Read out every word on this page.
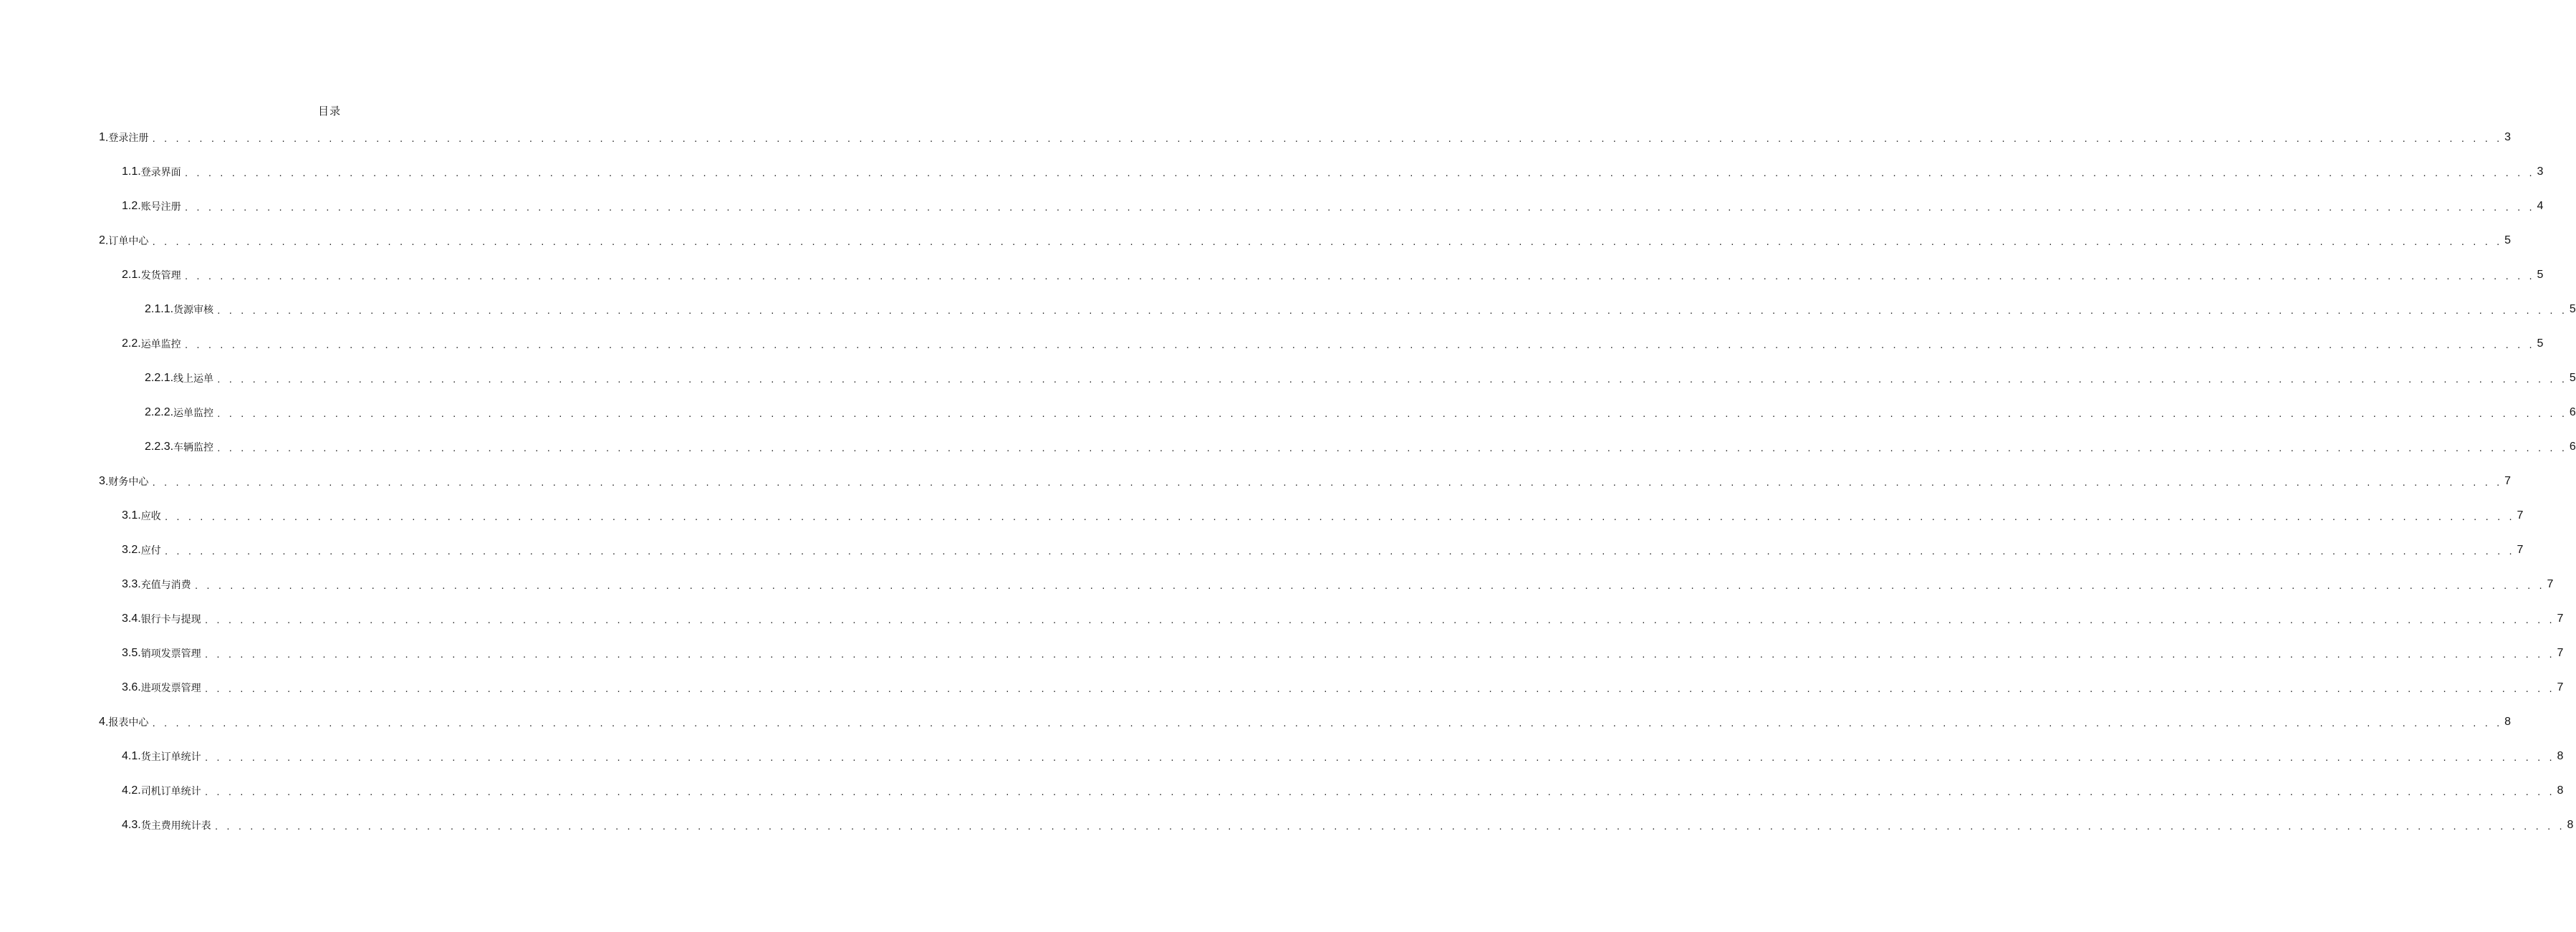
目录
1 .登录注册 . . . . . . . . . . . . . . . . . . . . . . . . . . . . . . . . . . . . . . . . . . . . . . . . . . . . . . . . . . . . . . . . . . . . . . . . . . . . . . . . . . . . . . . . . . . . . . . . . . . . . . . . . . . . . . . . . . . . . . . . . . . . . . . . . . . . . . . . . . . . . . . . . . . . . . . . . . . . . . . . . . . . . . . . . . . . . . . . . . . . . . . . . . . . . . . . . . . . . . . . 3
1.1. 登录界面 . . . . . . . . . . . . . . . . . . . . . . . . . . . . . . . . . . . . . . . . . . . . . . . . . . . . . . . . . . . . . . . . . . . . . . . . . . . . . . . . . . . . . . . . . . . . . . . . . . . . . . . . . . . . . . . . . . . . . . . . . . . . . . . . . . . . . . . . . . . . . . . . . . . . . . . . . . . . . . . . . . . . . . . . . . . . . . . . . . . . . . . . . . . . . . . . . . . . . . . . 3
1.2. 账号注册 . . . . . . . . . . . . . . . . . . . . . . . . . . . . . . . . . . . . . . . . . . . . . . . . . . . . . . . . . . . . . . . . . . . . . . . . . . . . . . . . . . . . . . . . . . . . . . . . . . . . . . . . . . . . . . . . . . . . . . . . . . . . . . . . . . . . . . . . . . . . . . . . . . . . . . . . . . . . . . . . . . . . . . . . . . . . . . . . . . . . . . . . . . . . . . . . . . . . . . . . 4
2 .订单中心 . . . . . . . . . . . . . . . . . . . . . . . . . . . . . . . . . . . . . . . . . . . . . . . . . . . . . . . . . . . . . . . . . . . . . . . . . . . . . . . . . . . . . . . . . . . . . . . . . . . . . . . . . . . . . . . . . . . . . . . . . . . . . . . . . . . . . . . . . . . . . . . . . . . . . . . . . . . . . . . . . . . . . . . . . . . . . . . . . . . . . . . . . . . . . . . . . . . . . . . . 5
2.1. 发货管理 . . . . . . . . . . . . . . . . . . . . . . . . . . . . . . . . . . . . . . . . . . . . . . . . . . . . . . . . . . . . . . . . . . . . . . . . . . . . . . . . . . . . . . . . . . . . . . . . . . . . . . . . . . . . . . . . . . . . . . . . . . . . . . . . . . . . . . . . . . . . . . . . . . . . . . . . . . . . . . . . . . . . . . . . . . . . . . . . . . . . . . . . . . . . . . . . . . . . . . . . 5
2.1.1. 货源审核 . . . . . . . . . . . . . . . . . . . . . . . . . . . . . . . . . . . . . . . . . . . . . . . . . . . . . . . . . . . . . . . . . . . . . . . . . . . . . . . . . . . . . . . . . . . . . . . . . . . . . . . . . . . . . . . . . . . . . . . . . . . . . . . . . . . . . . . . . . . . . . . . . . . . . . . . . . . . . . . . . . . . . . . . . . . . . . . . . . . . . . . . . . . . . . . . . . . . . . . . 5
2.2. 运单监控 . . . . . . . . . . . . . . . . . . . . . . . . . . . . . . . . . . . . . . . . . . . . . . . . . . . . . . . . . . . . . . . . . . . . . . . . . . . . . . . . . . . . . . . . . . . . . . . . . . . . . . . . . . . . . . . . . . . . . . . . . . . . . . . . . . . . . . . . . . . . . . . . . . . . . . . . . . . . . . . . . . . . . . . . . . . . . . . . . . . . . . . . . . . . . . . . . . . . . . . . 5
2.2.1. 线上运单 . . . . . . . . . . . . . . . . . . . . . . . . . . . . . . . . . . . . . . . . . . . . . . . . . . . . . . . . . . . . . . . . . . . . . . . . . . . . . . . . . . . . . . . . . . . . . . . . . . . . . . . . . . . . . . . . . . . . . . . . . . . . . . . . . . . . . . . . . . . . . . . . . . . . . . . . . . . . . . . . . . . . . . . . . . . . . . . . . . . . . . . . . . . . . . . . . . . . . . . . 5
2.2.2. 运单监控 . . . . . . . . . . . . . . . . . . . . . . . . . . . . . . . . . . . . . . . . . . . . . . . . . . . . . . . . . . . . . . . . . . . . . . . . . . . . . . . . . . . . . . . . . . . . . . . . . . . . . . . . . . . . . . . . . . . . . . . . . . . . . . . . . . . . . . . . . . . . . . . . . . . . . . . . . . . . . . . . . . . . . . . . . . . . . . . . . . . . . . . . . . . . . . . . . . . . . . . . 6
2.2.3. 车辆监控 . . . . . . . . . . . . . . . . . . . . . . . . . . . . . . . . . . . . . . . . . . . . . . . . . . . . . . . . . . . . . . . . . . . . . . . . . . . . . . . . . . . . . . . . . . . . . . . . . . . . . . . . . . . . . . . . . . . . . . . . . . . . . . . . . . . . . . . . . . . . . . . . . . . . . . . . . . . . . . . . . . . . . . . . . . . . . . . . . . . . . . . . . . . . . . . . . . . . . . . . 6
3 .财务中心 . . . . . . . . . . . . . . . . . . . . . . . . . . . . . . . . . . . . . . . . . . . . . . . . . . . . . . . . . . . . . . . . . . . . . . . . . . . . . . . . . . . . . . . . . . . . . . . . . . . . . . . . . . . . . . . . . . . . . . . . . . . . . . . . . . . . . . . . . . . . . . . . . . . . . . . . . . . . . . . . . . . . . . . . . . . . . . . . . . . . . . . . . . . . . . . . . . . . . . . . 7
3.1. 应收 . . . . . . . . . . . . . . . . . . . . . . . . . . . . . . . . . . . . . . . . . . . . . . . . . . . . . . . . . . . . . . . . . . . . . . . . . . . . . . . . . . . . . . . . . . . . . . . . . . . . . . . . . . . . . . . . . . . . . . . . . . . . . . . . . . . . . . . . . . . . . . . . . . . . . . . . . . . . . . . . . . . . . . . . . . . . . . . . . . . . . . . . . . . . . . . . . . . . . . . . 7
3.2. 应付 . . . . . . . . . . . . . . . . . . . . . . . . . . . . . . . . . . . . . . . . . . . . . . . . . . . . . . . . . . . . . . . . . . . . . . . . . . . . . . . . . . . . . . . . . . . . . . . . . . . . . . . . . . . . . . . . . . . . . . . . . . . . . . . . . . . . . . . . . . . . . . . . . . . . . . . . . . . . . . . . . . . . . . . . . . . . . . . . . . . . . . . . . . . . . . . . . . . . . . . . 7
3.3. 充值与消费 . . . . . . . . . . . . . . . . . . . . . . . . . . . . . . . . . . . . . . . . . . . . . . . . . . . . . . . . . . . . . . . . . . . . . . . . . . . . . . . . . . . . . . . . . . . . . . . . . . . . . . . . . . . . . . . . . . . . . . . . . . . . . . . . . . . . . . . . . . . . . . . . . . . . . . . . . . . . . . . . . . . . . . . . . . . . . . . . . . . . . . . . . . . . . . . . . . . . . . . . 7
3.4. 银行卡与提现 . . . . . . . . . . . . . . . . . . . . . . . . . . . . . . . . . . . . . . . . . . . . . . . . . . . . . . . . . . . . . . . . . . . . . . . . . . . . . . . . . . . . . . . . . . . . . . . . . . . . . . . . . . . . . . . . . . . . . . . . . . . . . . . . . . . . . . . . . . . . . . . . . . . . . . . . . . . . . . . . . . . . . . . . . . . . . . . . . . . . . . . . . . . . . . . . . . . . . . . . 7
3.5. 销项发票管理 . . . . . . . . . . . . . . . . . . . . . . . . . . . . . . . . . . . . . . . . . . . . . . . . . . . . . . . . . . . . . . . . . . . . . . . . . . . . . . . . . . . . . . . . . . . . . . . . . . . . . . . . . . . . . . . . . . . . . . . . . . . . . . . . . . . . . . . . . . . . . . . . . . . . . . . . . . . . . . . . . . . . . . . . . . . . . . . . . . . . . . . . . . . . . . . . . . . . . . . . 7
3.6. 进项发票管理 . . . . . . . . . . . . . . . . . . . . . . . . . . . . . . . . . . . . . . . . . . . . . . . . . . . . . . . . . . . . . . . . . . . . . . . . . . . . . . . . . . . . . . . . . . . . . . . . . . . . . . . . . . . . . . . . . . . . . . . . . . . . . . . . . . . . . . . . . . . . . . . . . . . . . . . . . . . . . . . . . . . . . . . . . . . . . . . . . . . . . . . . . . . . . . . . . . . . . . . . 7
4 .报表中心 . . . . . . . . . . . . . . . . . . . . . . . . . . . . . . . . . . . . . . . . . . . . . . . . . . . . . . . . . . . . . . . . . . . . . . . . . . . . . . . . . . . . . . . . . . . . . . . . . . . . . . . . . . . . . . . . . . . . . . . . . . . . . . . . . . . . . . . . . . . . . . . . . . . . . . . . . . . . . . . . . . . . . . . . . . . . . . . . . . . . . . . . . . . . . . . . . . . . . . . . 8
4.1. 货主订单统计 . . . . . . . . . . . . . . . . . . . . . . . . . . . . . . . . . . . . . . . . . . . . . . . . . . . . . . . . . . . . . . . . . . . . . . . . . . . . . . . . . . . . . . . . . . . . . . . . . . . . . . . . . . . . . . . . . . . . . . . . . . . . . . . . . . . . . . . . . . . . . . . . . . . . . . . . . . . . . . . . . . . . . . . . . . . . . . . . . . . . . . . . . . . . . . . . . . . . . . . . 8
4.2. 司机订单统计 . . . . . . . . . . . . . . . . . . . . . . . . . . . . . . . . . . . . . . . . . . . . . . . . . . . . . . . . . . . . . . . . . . . . . . . . . . . . . . . . . . . . . . . . . . . . . . . . . . . . . . . . . . . . . . . . . . . . . . . . . . . . . . . . . . . . . . . . . . . . . . . . . . . . . . . . . . . . . . . . . . . . . . . . . . . . . . . . . . . . . . . . . . . . . . . . . . . . . . . . 8
4.3. 货主费用统计表 . . . . . . . . . . . . . . . . . . . . . . . . . . . . . . . . . . . . . . . . . . . . . . . . . . . . . . . . . . . . . . . . . . . . . . . . . . . . . . . . . . . . . . . . . . . . . . . . . . . . . . . . . . . . . . . . . . . . . . . . . . . . . . . . . . . . . . . . . . . . . . . . . . . . . . . . . . . . . . . . . . . . . . . . . . . . . . . . . . . . . . . . . . . . . . . . . . . . . . . . 8
